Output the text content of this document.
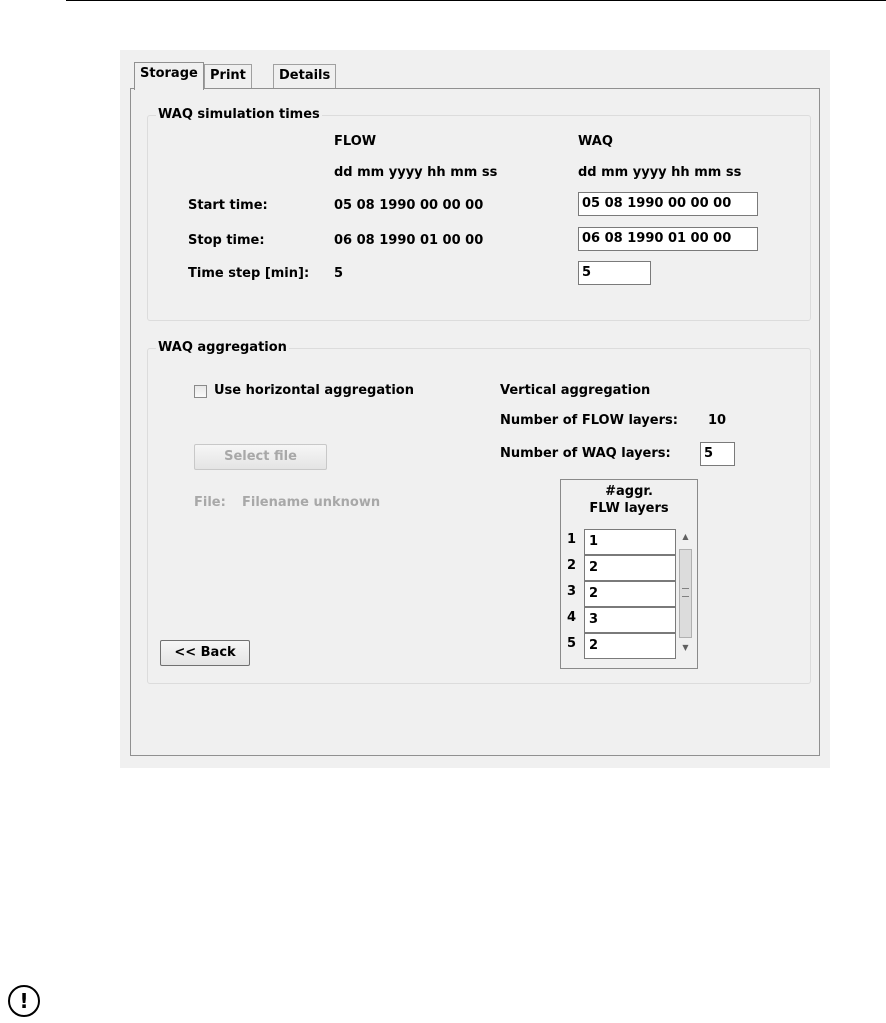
Storage Print	Details
WAQ simulation times
FLOW	WAQ
dd mm yyyy hh mm ss	dd mm yyyy hh mm ss
Start time:	05 08 1990 00 00 00	05 08 1990 00 00 00
Stop time:	06 08 1990 01 00 00	06 08 1990 01 00 00
Time step [min]: 5	5
WAQ aggregation
Use horizontal aggregation
Select file
File: Filename unknown
Vertical aggregation
Number of FLOW layers: 10
Number of WAQ layers:	5
#aggr.
FLW layers
1 1
2 2
3 2
4 3
5 2
▲
▼
<< Back
!
